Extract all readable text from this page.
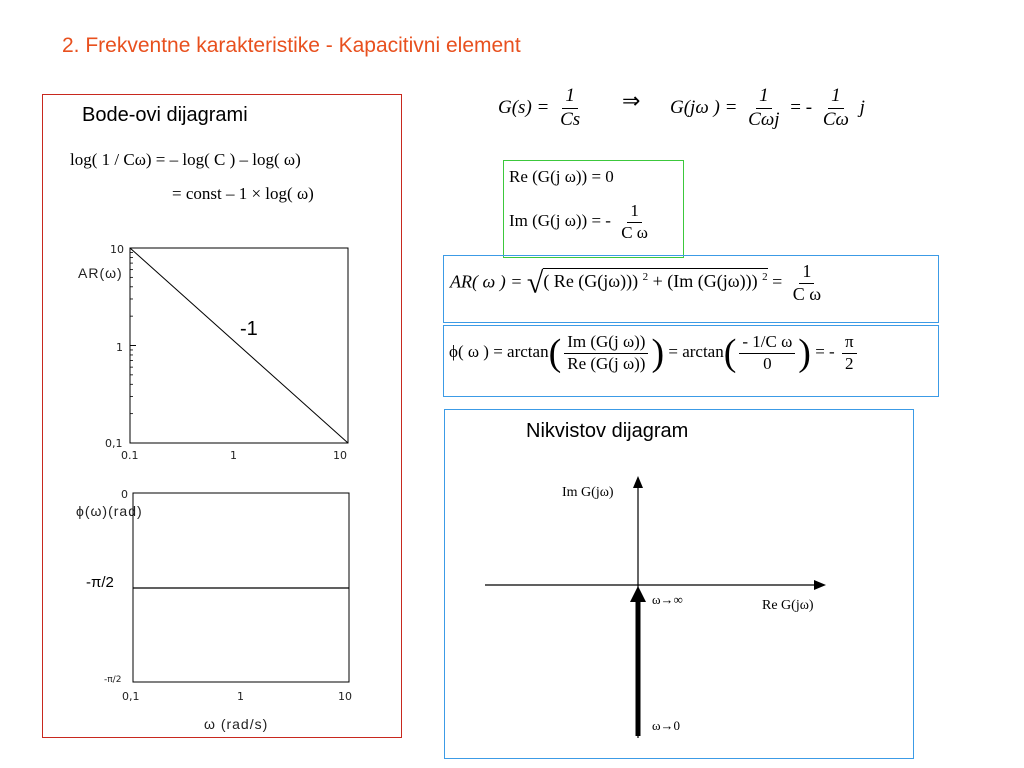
2. Frekventne karakteristike - Kapacitivni element
Bode-ovi dijagrami
log( 1 / Cω) = – log( C ) – log( ω)
= const – 1 × log( ω)
AR(ω)
10
1
0,1
0.1	1	10
-1
ϕ(ω)(rad)
0
-π/2
-π/2
0,1	1	10
ω (rad/s)
$G(s) = \frac{1}{Cs}$ ⇒ G(jω ) = $\frac{1}{\text{Cωj}}$ = - $\frac{1}{C\omega}$ j
Re (G(j ω)) = 0
Im (G(j ω)) = - $\frac{1}{\text{C ω}}$
AR( ω ) = √( Re (G(jω))) $^2$ + (Im (G(jω))) $^2 = \frac{1}{\text{C ω}}$
ϕ( ω ) = $\arctan( \frac{\text{Im (G(j ω))}}{\text{Re (G(j ω))}}$ ) = $\arctan( \frac{\text{- 1/C ω}}{0}$ ) = - $\frac{\pi}{2}$
Nikvistov dijagram
Im G(jω)
Re G(jω)
ω→∞
ω→0
